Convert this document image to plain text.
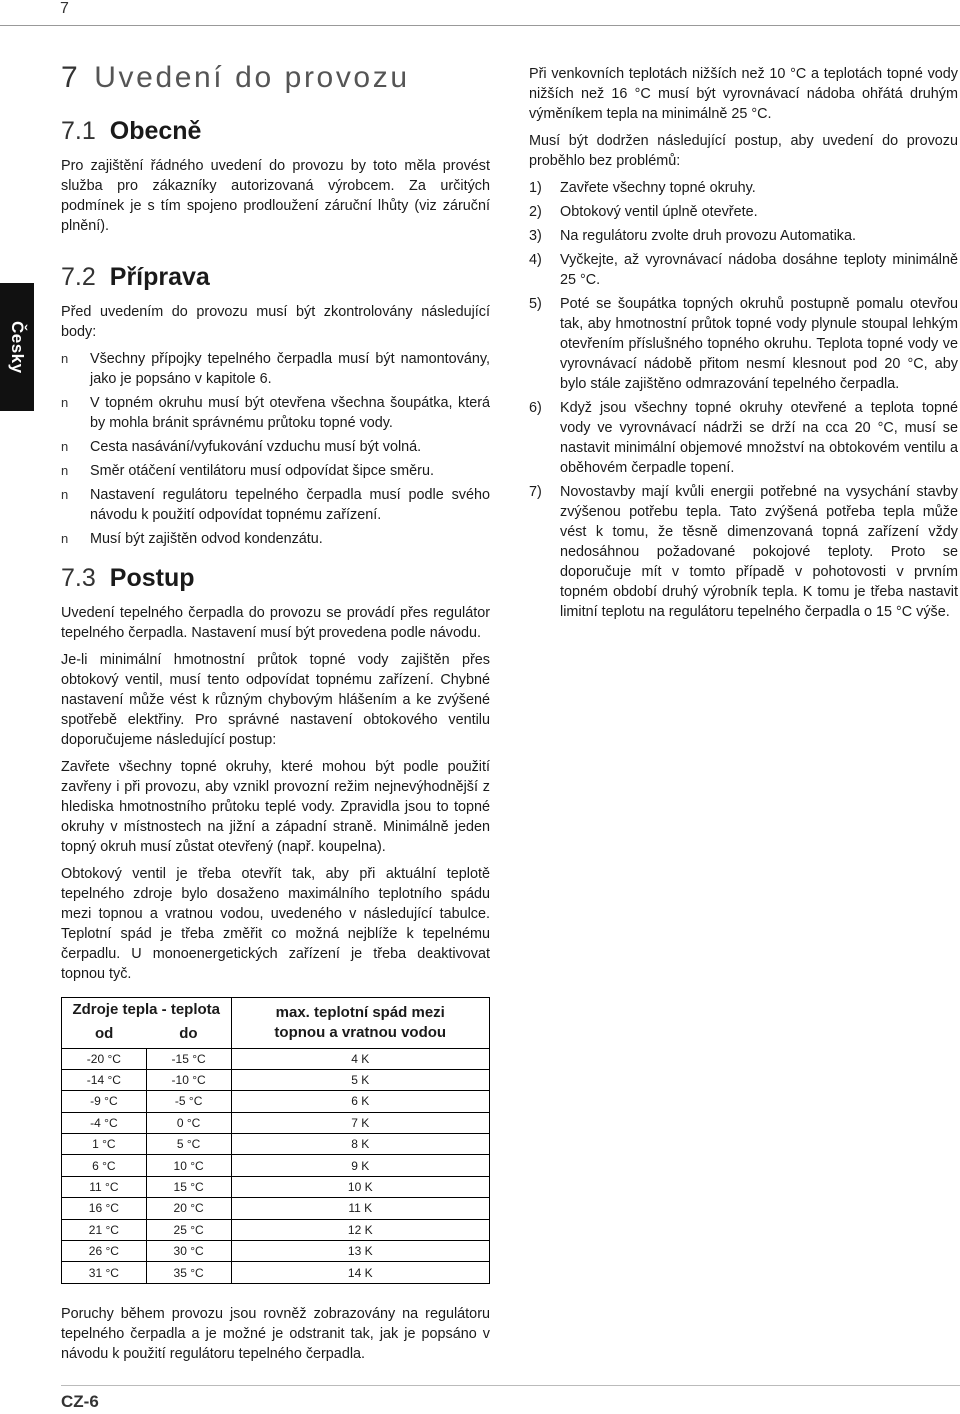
7
Česky
7 Uvedení do provozu
7.1 Obecně

Pro zajištění řádného uvedení do provozu by toto měla provést služba pro zákazníky autorizovaná výrobcem. Za určitých podmínek je s tím spojeno prodloužení záruční lhůty (viz záruční plnění).

7.2 Příprava

Před uvedením do provozu musí být zkontrolovány následující body:

n Všechny přípojky tepelného čerpadla musí být namontovány, jako je popsáno v kapitole 6.
n V topném okruhu musí být otevřena všechna šoupátka, která by mohla bránit správnému průtoku topné vody.
n Cesta nasávání/vyfukování vzduchu musí být volná.
n Směr otáčení ventilátoru musí odpovídat šipce směru.
n Nastavení regulátoru tepelného čerpadla musí podle svého návodu k použití odpovídat topnému zařízení.
n Musí být zajištěn odvod kondenzátu.
7.3 Postup

Uvedení tepelného čerpadla do provozu se provádí přes regulátor tepelného čerpadla. Nastavení musí být provedena podle návodu.

Je-li minimální hmotnostní průtok topné vody zajištěn přes obtokový ventil, musí tento odpovídat topnému zařízení. Chybné nastavení může vést k různým chybovým hlášením a ke zvýšené spotřebě elektřiny. Pro správné nastavení obtokového ventilu doporučujeme následující postup:

Zavřete všechny topné okruhy, které mohou být podle použití zavřeny i při provozu, aby vznikl provozní režim nejnevýhodnější z hlediska hmotnostního průtoku teplé vody. Zpravidla jsou to topné okruhy v místnostech na jižní a západní straně. Minimálně jeden topný okruh musí zůstat otevřený (např. koupelna).

Obtokový ventil je třeba otevřít tak, aby při aktuální teplotě tepelného zdroje bylo dosaženo maximálního teplotního spádu mezi topnou a vratnou vodou, uvedeného v následující tabulce. Teplotní spád je třeba změřit co možná nejblíže k tepelnému čerpadlu. U monoenergetických zařízení je třeba deaktivovat topnou tyč.

Zdroje tepla - teplota		max. teplotní spád mezi topnou a vratnou vodou
od	do	
-20 °C	-15 °C	4 K
-14 °C	-10 °C	5 K
-9 °C	-5 °C	6 K
-4 °C	0 °C	7 K
1 °C	5 °C	8 K
6 °C	10 °C	9 K
11 °C	15 °C	10 K
16 °C	20 °C	11 K
21 °C	25 °C	12 K
26 °C	30 °C	13 K
31 °C	35 °C	14 K

Poruchy během provozu jsou rovněž zobrazovány na regulátoru tepelného čerpadla a je možné je odstranit tak, jak je popsáno v návodu k použití regulátoru tepelného čerpadla.

Při venkovních teplotách nižších než 10 °C a teplotách topné vody nižších než 16 °C musí být vyrovnávací nádoba ohřátá druhým výměníkem tepla na minimálně 25 °C.

Musí být dodržen následující postup, aby uvedení do provozu proběhlo bez problémů:

1) Zavřete všechny topné okruhy.
2) Obtokový ventil úplně otevřete.
3) Na regulátoru zvolte druh provozu Automatika.
4) Vyčkejte, až vyrovnávací nádoba dosáhne teploty minimálně 25 °C.
5) Poté se šoupátka topných okruhů postupně pomalu otevřou tak, aby hmotnostní průtok topné vody plynule stoupal lehkým otevřením příslušného topného okruhu. Teplota topné vody ve vyrovnávací nádobě přitom nesmí klesnout pod 20 °C, aby bylo stále zajištěno odmrazování tepelného čerpadla.
6) Když jsou všechny topné okruhy otevřené a teplota topné vody ve vyrovnávací nádrži se drží na cca 20 °C, musí se nastavit minimální objemové množství na obtokovém ventilu a oběhovém čerpadle topení.
7) Novostavby mají kvůli energii potřebné na vysychání stavby zvýšenou potřebu tepla. Tato zvýšená potřeba tepla může vést k tomu, že těsně dimenzovaná topná zařízení vždy nedosáhnou požadované pokojové teploty. Proto se doporučuje mít v tomto případě v pohotovosti v prvním topném období druhý výrobník tepla. K tomu je třeba nastavit limitní teplotu na regulátoru tepelného čerpadla o 15 °C výše.
CZ-6
